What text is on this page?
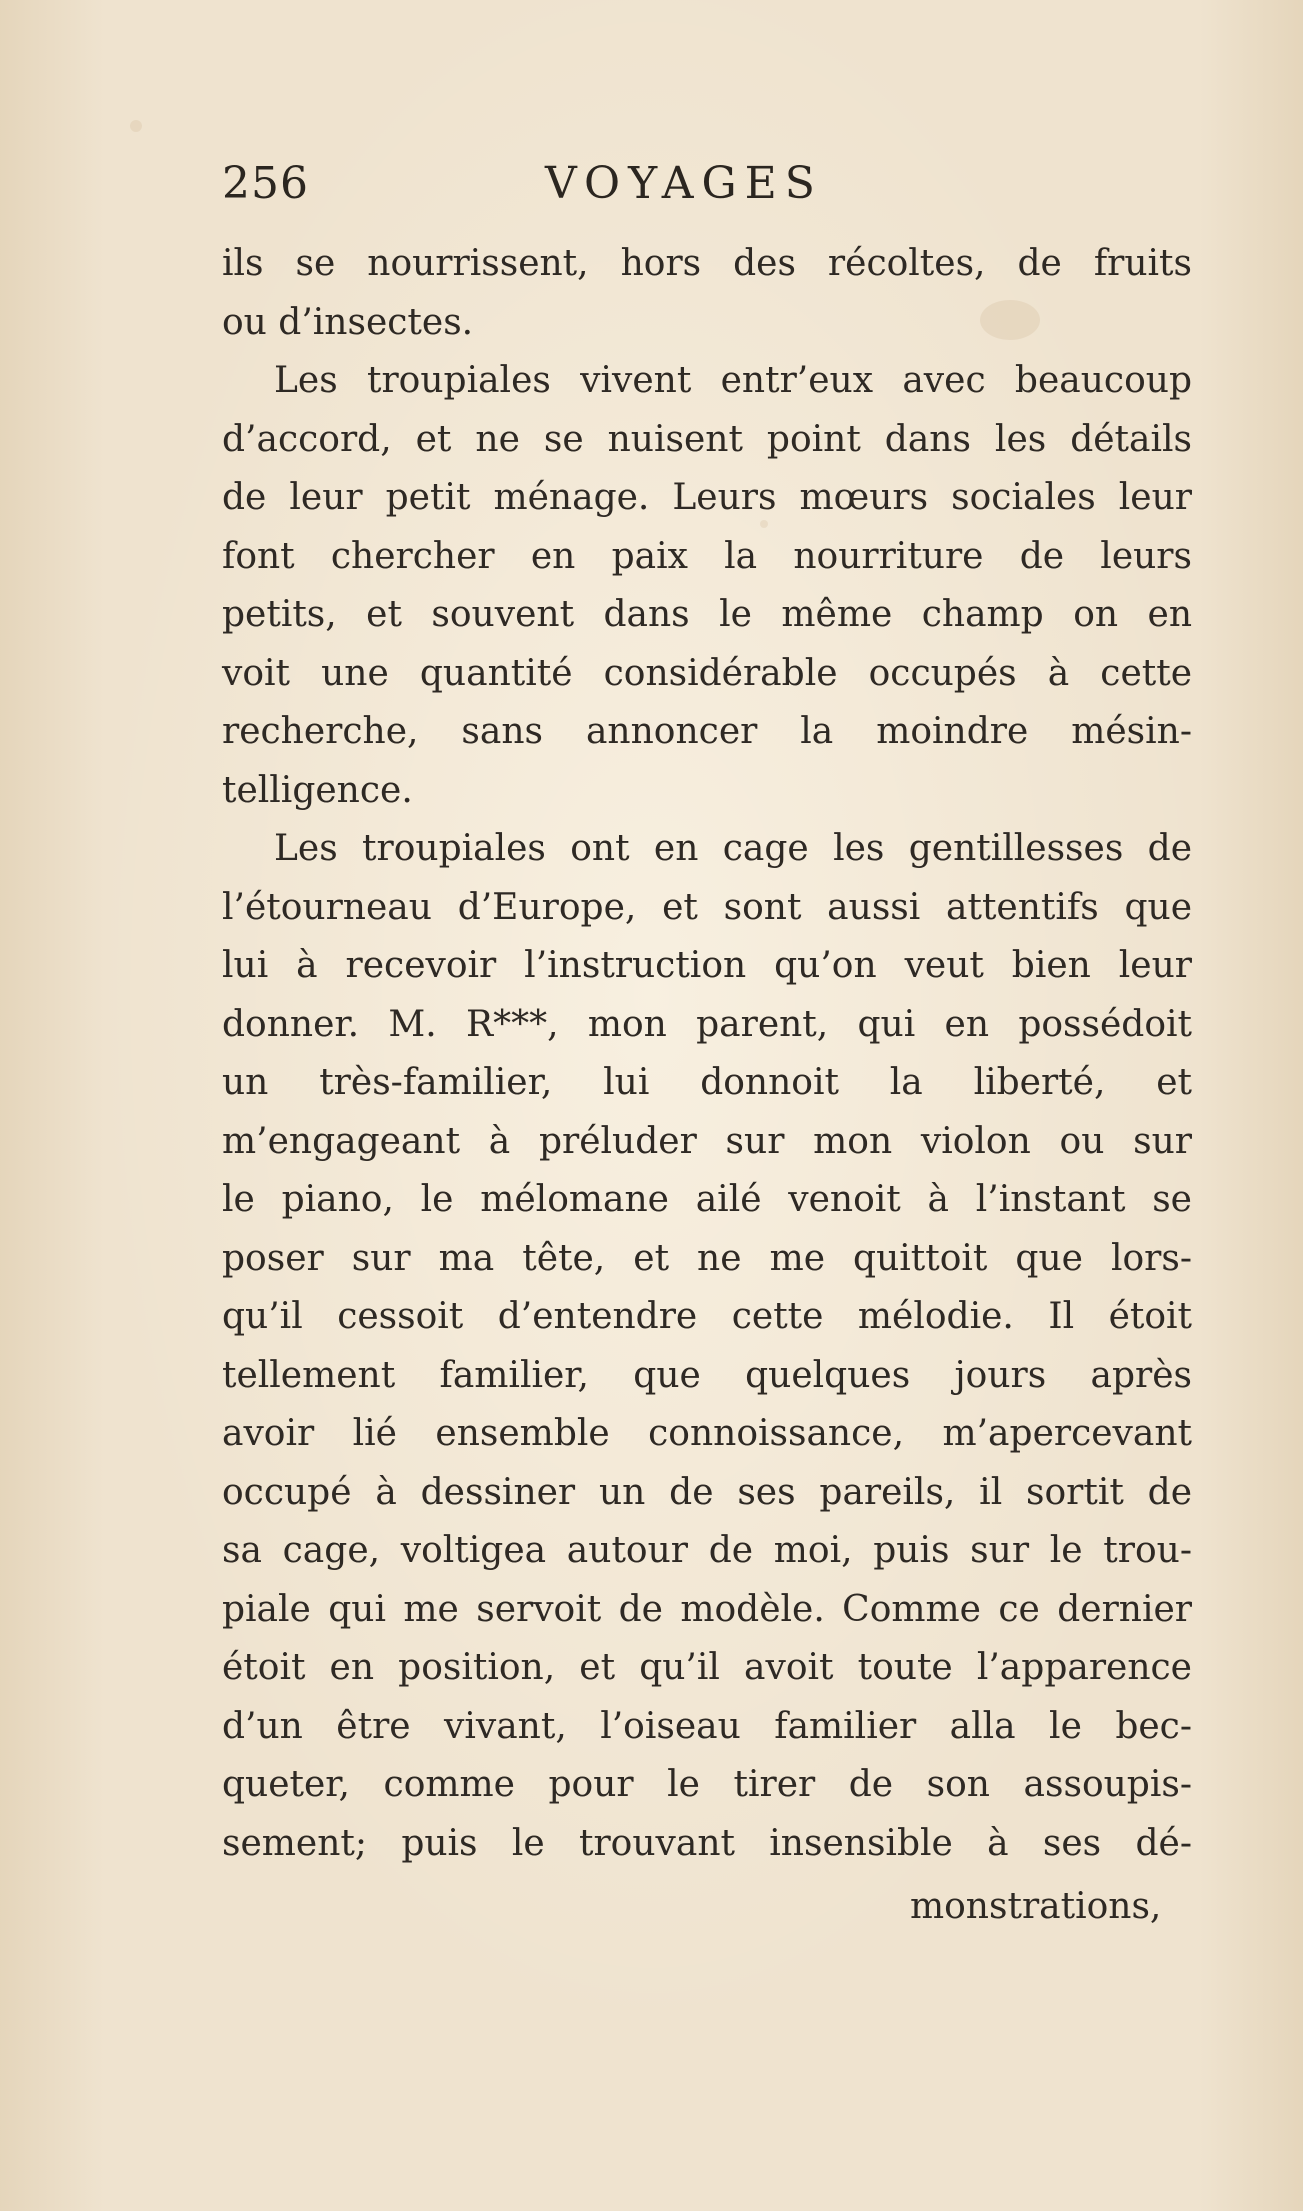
256	VOYAGES
ils se nourrissent, hors des récoltes, de fruits
ou d’insectes.
Les troupiales vivent entr’eux avec beaucoup
d’accord, et ne se nuisent point dans les détails
de leur petit ménage. Leurs mœurs sociales leur
font chercher en paix la nourriture de leurs
petits, et souvent dans le même champ on en
voit une quantité considérable occupés à cette
recherche, sans annoncer la moindre mésin-
telligence.
Les troupiales ont en cage les gentillesses de
l’étourneau d’Europe, et sont aussi attentifs que
lui à recevoir l’instruction qu’on veut bien leur
donner. M. R***, mon parent, qui en possédoit
un très-familier, lui donnoit la liberté, et
m’engageant à préluder sur mon violon ou sur
le piano, le mélomane ailé venoit à l’instant se
poser sur ma tête, et ne me quittoit que lors-
qu’il cessoit d’entendre cette mélodie. Il étoit
tellement familier, que quelques jours après
avoir lié ensemble connoissance, m’apercevant
occupé à dessiner un de ses pareils, il sortit de
sa cage, voltigea autour de moi, puis sur le trou-
piale qui me servoit de modèle. Comme ce dernier
étoit en position, et qu’il avoit toute l’apparence
d’un être vivant, l’oiseau familier alla le bec-
queter, comme pour le tirer de son assoupis-
sement; puis le trouvant insensible à ses dé-
monstrations,
